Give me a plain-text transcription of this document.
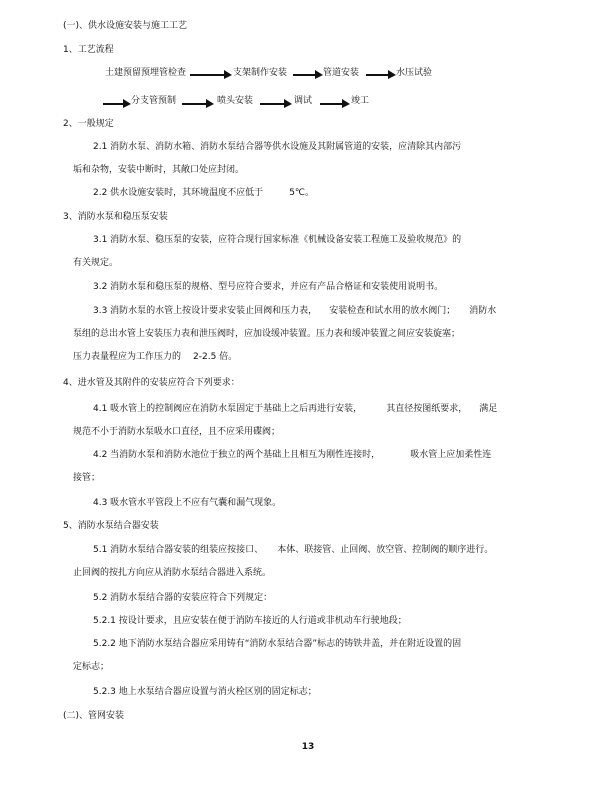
(一)、供水设施安装与施工工艺
1、工艺流程
土建预留预埋管检查	支架制作安装	管道安装	水压试验
分支管预制	喷头安装	调试	竣工
2、一般规定
2.1 消防水泵、消防水箱、消防水泵结合器等供水设施及其附属管道的安装，应清除其内部污
垢和杂物，安装中断时，其敞口处应封闭。
2.2 供水设施安装时，其环境温度不应低于	5℃。
3、消防水泵和稳压泵安装
3.1 消防水泵、稳压泵的安装，应符合现行国家标准《机械设备安装工程施工及验收规范》的
有关规定。
3.2 消防水泵和稳压泵的规格、型号应符合要求，并应有产品合格证和安装使用说明书。
3.3 消防水泵的水管上按设计要求安装止回阀和压力表， 安装检查和试水用的放水阀门； 消防水
泵组的总出水管上安装压力表和泄压阀时，应加设缓冲装置。压力表和缓冲装置之间应安装旋塞；
压力表量程应为工作压力的 2-2.5 倍。
4、进水管及其附件的安装应符合下列要求：
4.1 吸水管上的控制阀应在消防水泵固定于基础上之后再进行安装，	其直径按图纸要求， 满足
规范不小于消防水泵吸水口直径，且不应采用碟阀；
4.2 当消防水泵和消防水池位于独立的两个基础上且相互为刚性连接时，	吸水管上应加柔性连
接管；
4.3 吸水管水平管段上不应有气囊和漏气现象。
5、消防水泵结合器安装
5.1 消防水泵结合器安装的组装应按接口、 本体、联接管、止回阀、放空管、控制阀的顺序进行。
止回阀的按扎方向应从消防水泵结合器进入系统。
5.2 消防水泵结合器的安装应符合下列规定：
5.2.1 按设计要求，且应安装在便于消防车接近的人行道或非机动车行驶地段；
5.2.2 地下消防水泵结合器应采用铸有“消防水泵结合器”标志的铸铁井盖，并在附近设置的固
定标志；
5.2.3 地上水泵结合器应设置与消火栓区别的固定标志；
(二)、管网安装
13
